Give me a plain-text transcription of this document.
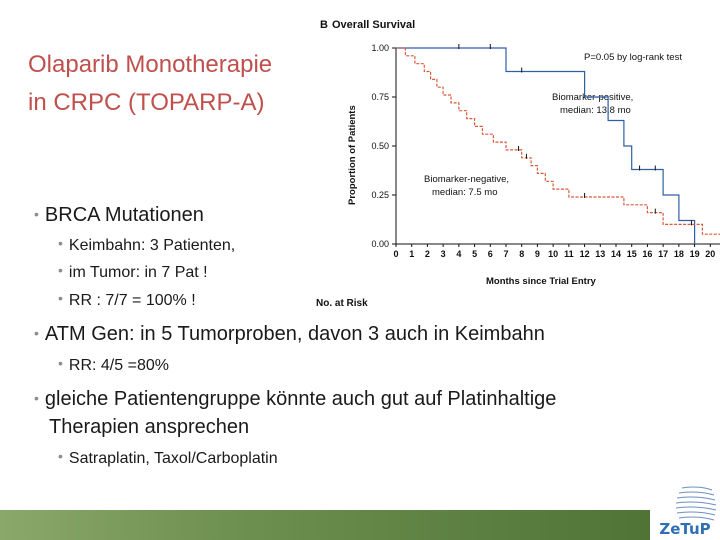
Olaparib Monotherapie
in CRPC (TOPARP-A)
B Overall Survival
P=0.05 by log-rank test
Biomarker-positive,
median: 13.8 mo
Biomarker-negative,
median: 7.5 mo
Months since Trial Entry
Proportion of Patients
No. at Risk
0.00
0.25
0.50
0.75
1.00
0 1 2 3 4 5 6 7 8 9 10 11 12 13 14 15 16 17 18 19 20
• BRCA Mutationen
• Keimbahn: 3 Patienten,
• im Tumor: in 7 Pat !
• RR : 7/7 = 100% !
• ATM Gen: in 5 Tumorproben, davon 3 auch in Keimbahn
• RR: 4/5 =80%
• gleiche Patientengruppe könnte auch gut auf Platinhaltige
Therapien ansprechen
• Satraplatin, Taxol/Carboplatin
ZeTuP
